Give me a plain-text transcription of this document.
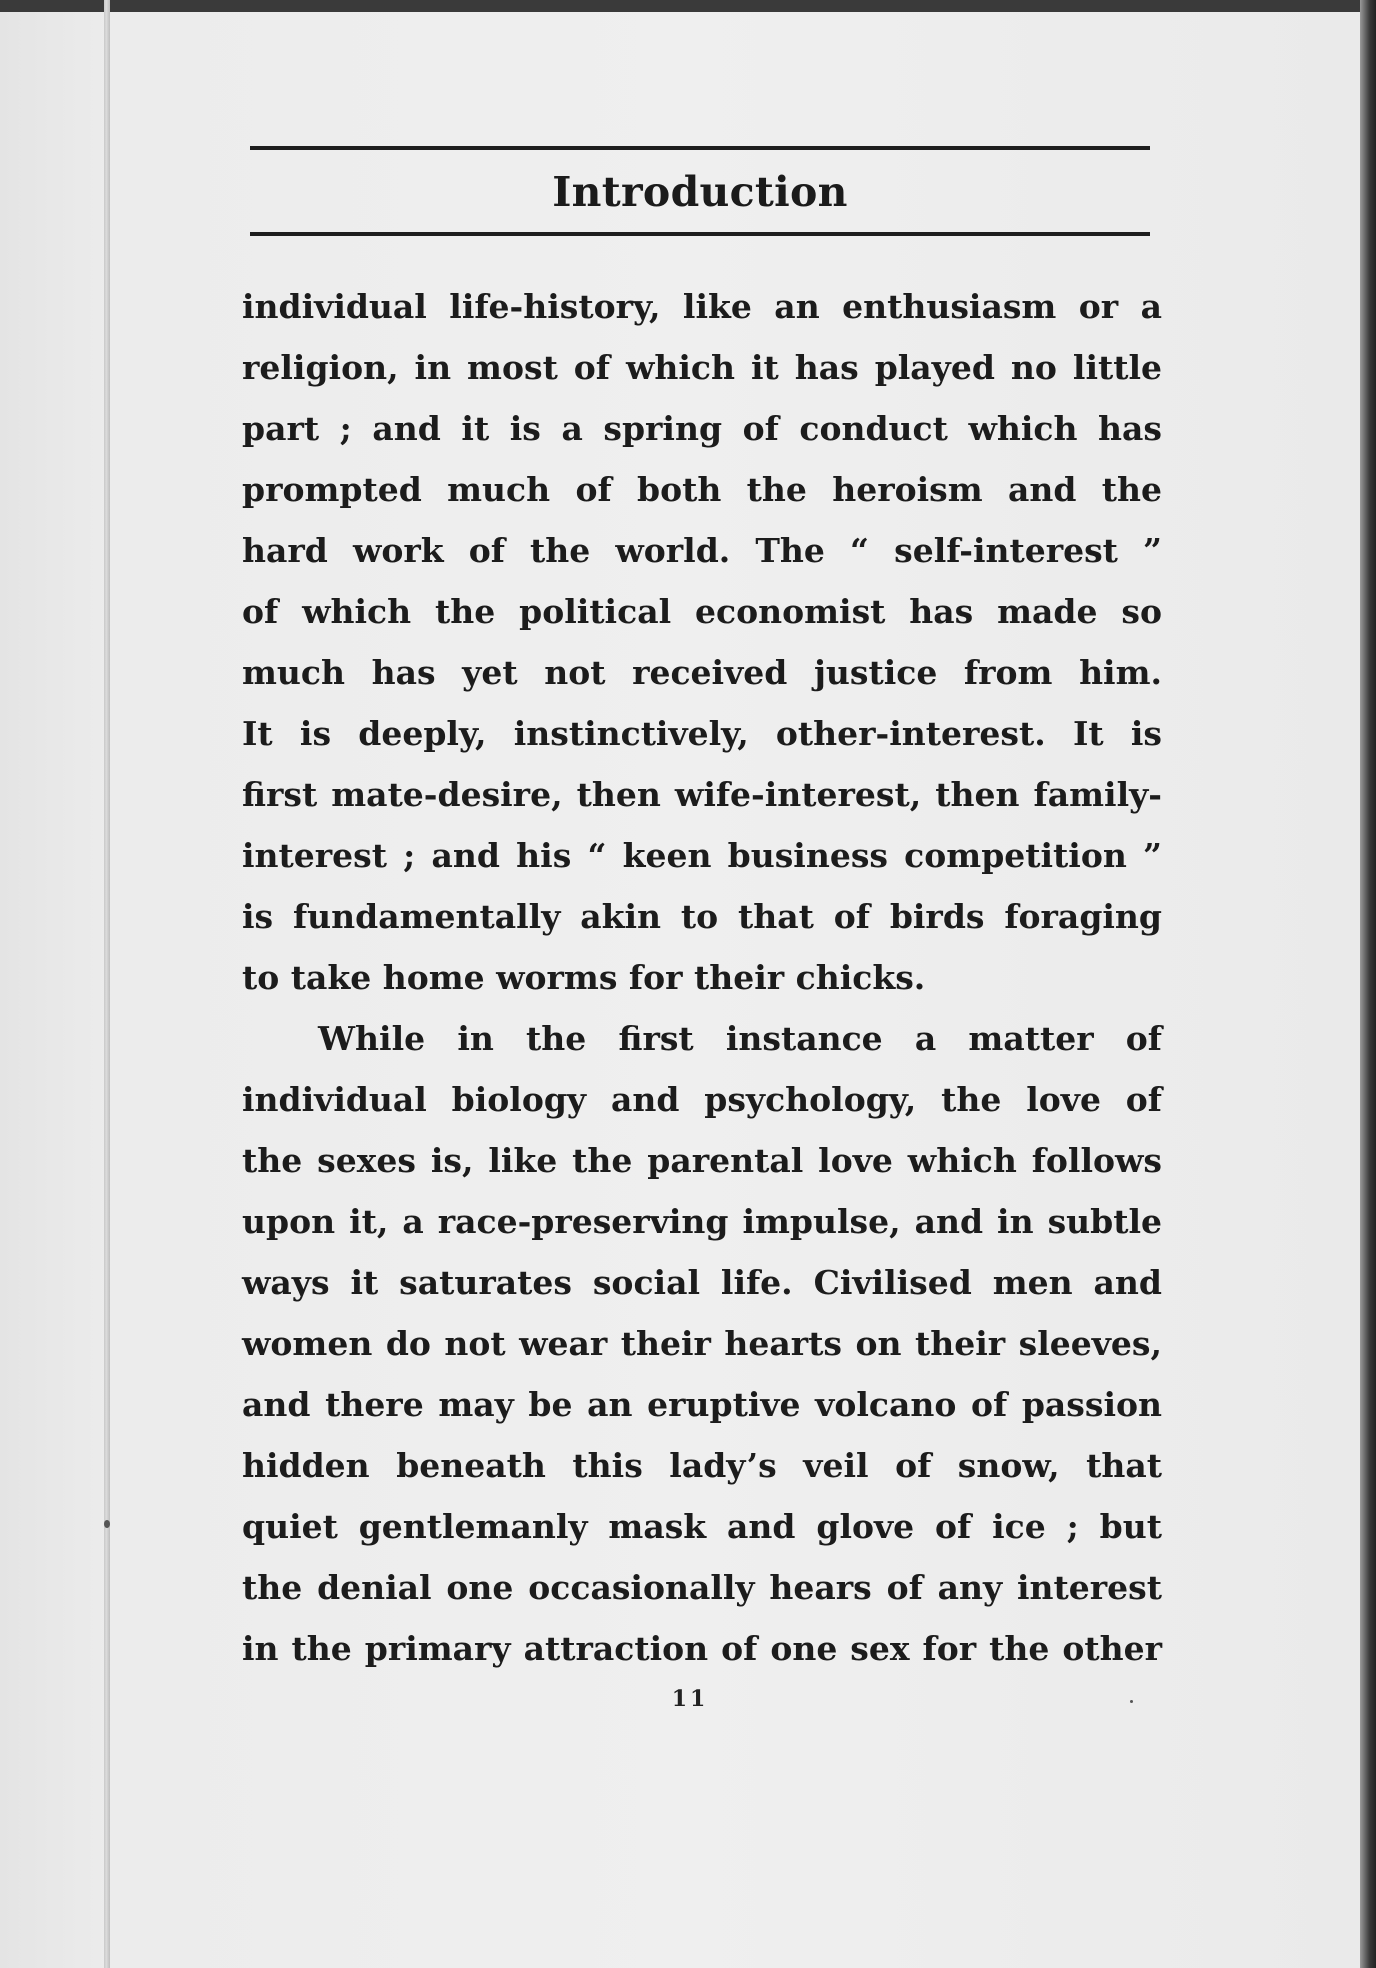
Introduction

individual life-history, like an enthusiasm or a
religion, in most of which it has played no little
part ; and it is a spring of conduct which has
prompted much of both the heroism and the
hard work of the world. The “ self-interest ”
of which the political economist has made so
much has yet not received justice from him.
It is deeply, instinctively, other-interest. It is
first mate-desire, then wife-interest, then family-
interest ; and his “ keen business competition ”
is fundamentally akin to that of birds foraging
to take home worms for their chicks.

While in the first instance a matter of
individual biology and psychology, the love of
the sexes is, like the parental love which follows
upon it, a race-preserving impulse, and in subtle
ways it saturates social life. Civilised men and
women do not wear their hearts on their sleeves,
and there may be an eruptive volcano of passion
hidden beneath this lady’s veil of snow, that
quiet gentlemanly mask and glove of ice ; but
the denial one occasionally hears of any interest
in the primary attraction of one sex for the other

11
